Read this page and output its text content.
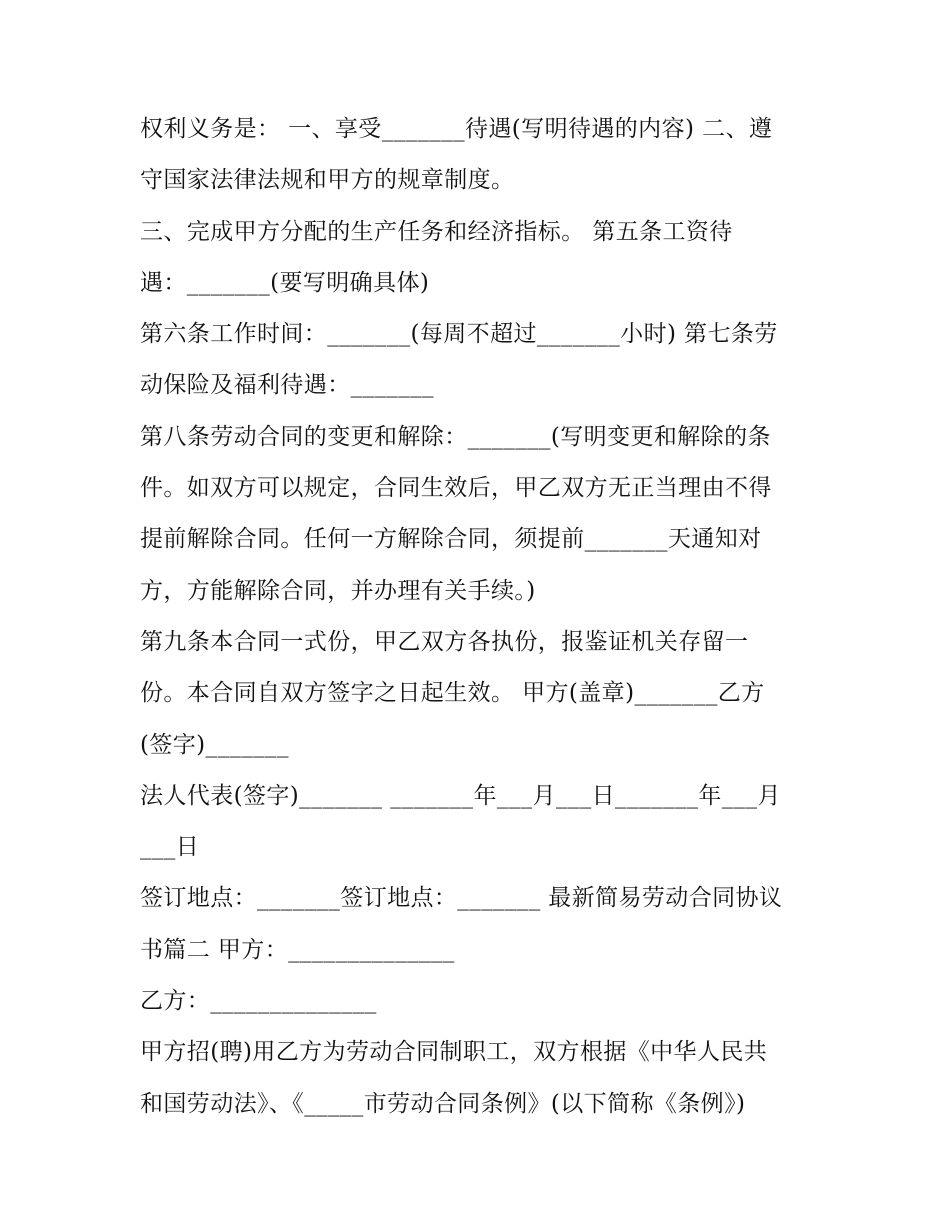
权利义务是： 一、享受_______待遇(写明待遇的内容) 二、遵
守国家法律法规和甲方的规章制度。
三、完成甲方分配的生产任务和经济指标。 第五条工资待
遇：_______(要写明确具体)
第六条工作时间：_______(每周不超过_______小时) 第七条劳
动保险及福利待遇：_______
第八条劳动合同的变更和解除：_______(写明变更和解除的条
件。如双方可以规定，合同生效后，甲乙双方无正当理由不得
提前解除合同。任何一方解除合同，须提前_______天通知对
方，方能解除合同，并办理有关手续。)
第九条本合同一式份，甲乙双方各执份，报鉴证机关存留一
份。本合同自双方签字之日起生效。 甲方(盖章)_______乙方
(签字)_______
法人代表(签字)_______ _______年___月___日_______年___月
___日
签订地点：_______签订地点：_______ 最新简易劳动合同协议
书篇二 甲方：______________
乙方：______________
甲方招(聘)用乙方为劳动合同制职工，双方根据《中华人民共
和国劳动法》、《_____市劳动合同条例》(以下简称《条例》)
